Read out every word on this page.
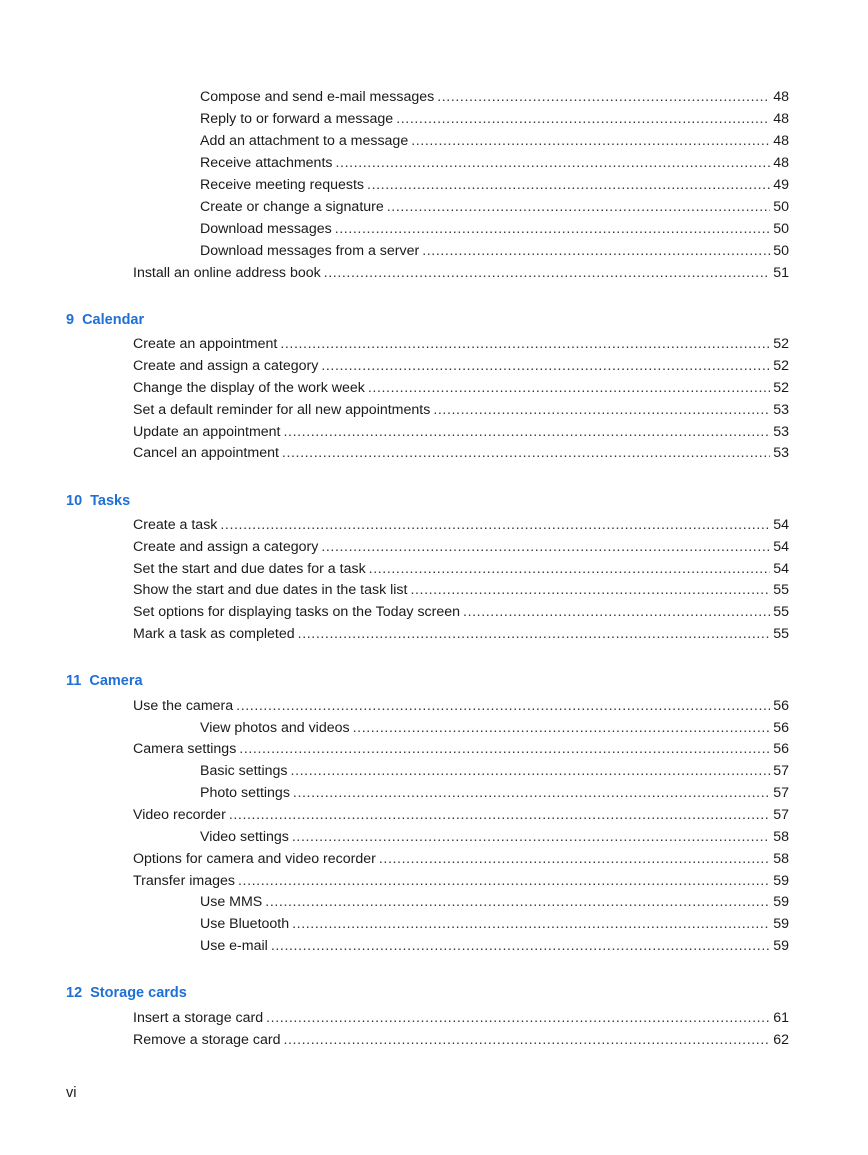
Compose and send e-mail messages .....	48
Reply to or forward a message .....	48
Add an attachment to a message .....	48
Receive attachments .....	48
Receive meeting requests .....	49
Create or change a signature .....	50
Download messages .....	50
Download messages from a server .....	50
Install an online address book .....	51
9 Calendar
Create an appointment .....	52
Create and assign a category .....	52
Change the display of the work week .....	52
Set a default reminder for all new appointments .....	53
Update an appointment .....	53
Cancel an appointment .....	53
10 Tasks
Create a task .....	54
Create and assign a category .....	54
Set the start and due dates for a task .....	54
Show the start and due dates in the task list .....	55
Set options for displaying tasks on the Today screen .....	55
Mark a task as completed .....	55
11 Camera
Use the camera .....	56
View photos and videos .....	56
Camera settings .....	56
Basic settings .....	57
Photo settings .....	57
Video recorder .....	57
Video settings .....	58
Options for camera and video recorder .....	58
Transfer images .....	59
Use MMS .....	59
Use Bluetooth .....	59
Use e-mail .....	59
12 Storage cards
Insert a storage card .....	61
Remove a storage card .....	62
vi
